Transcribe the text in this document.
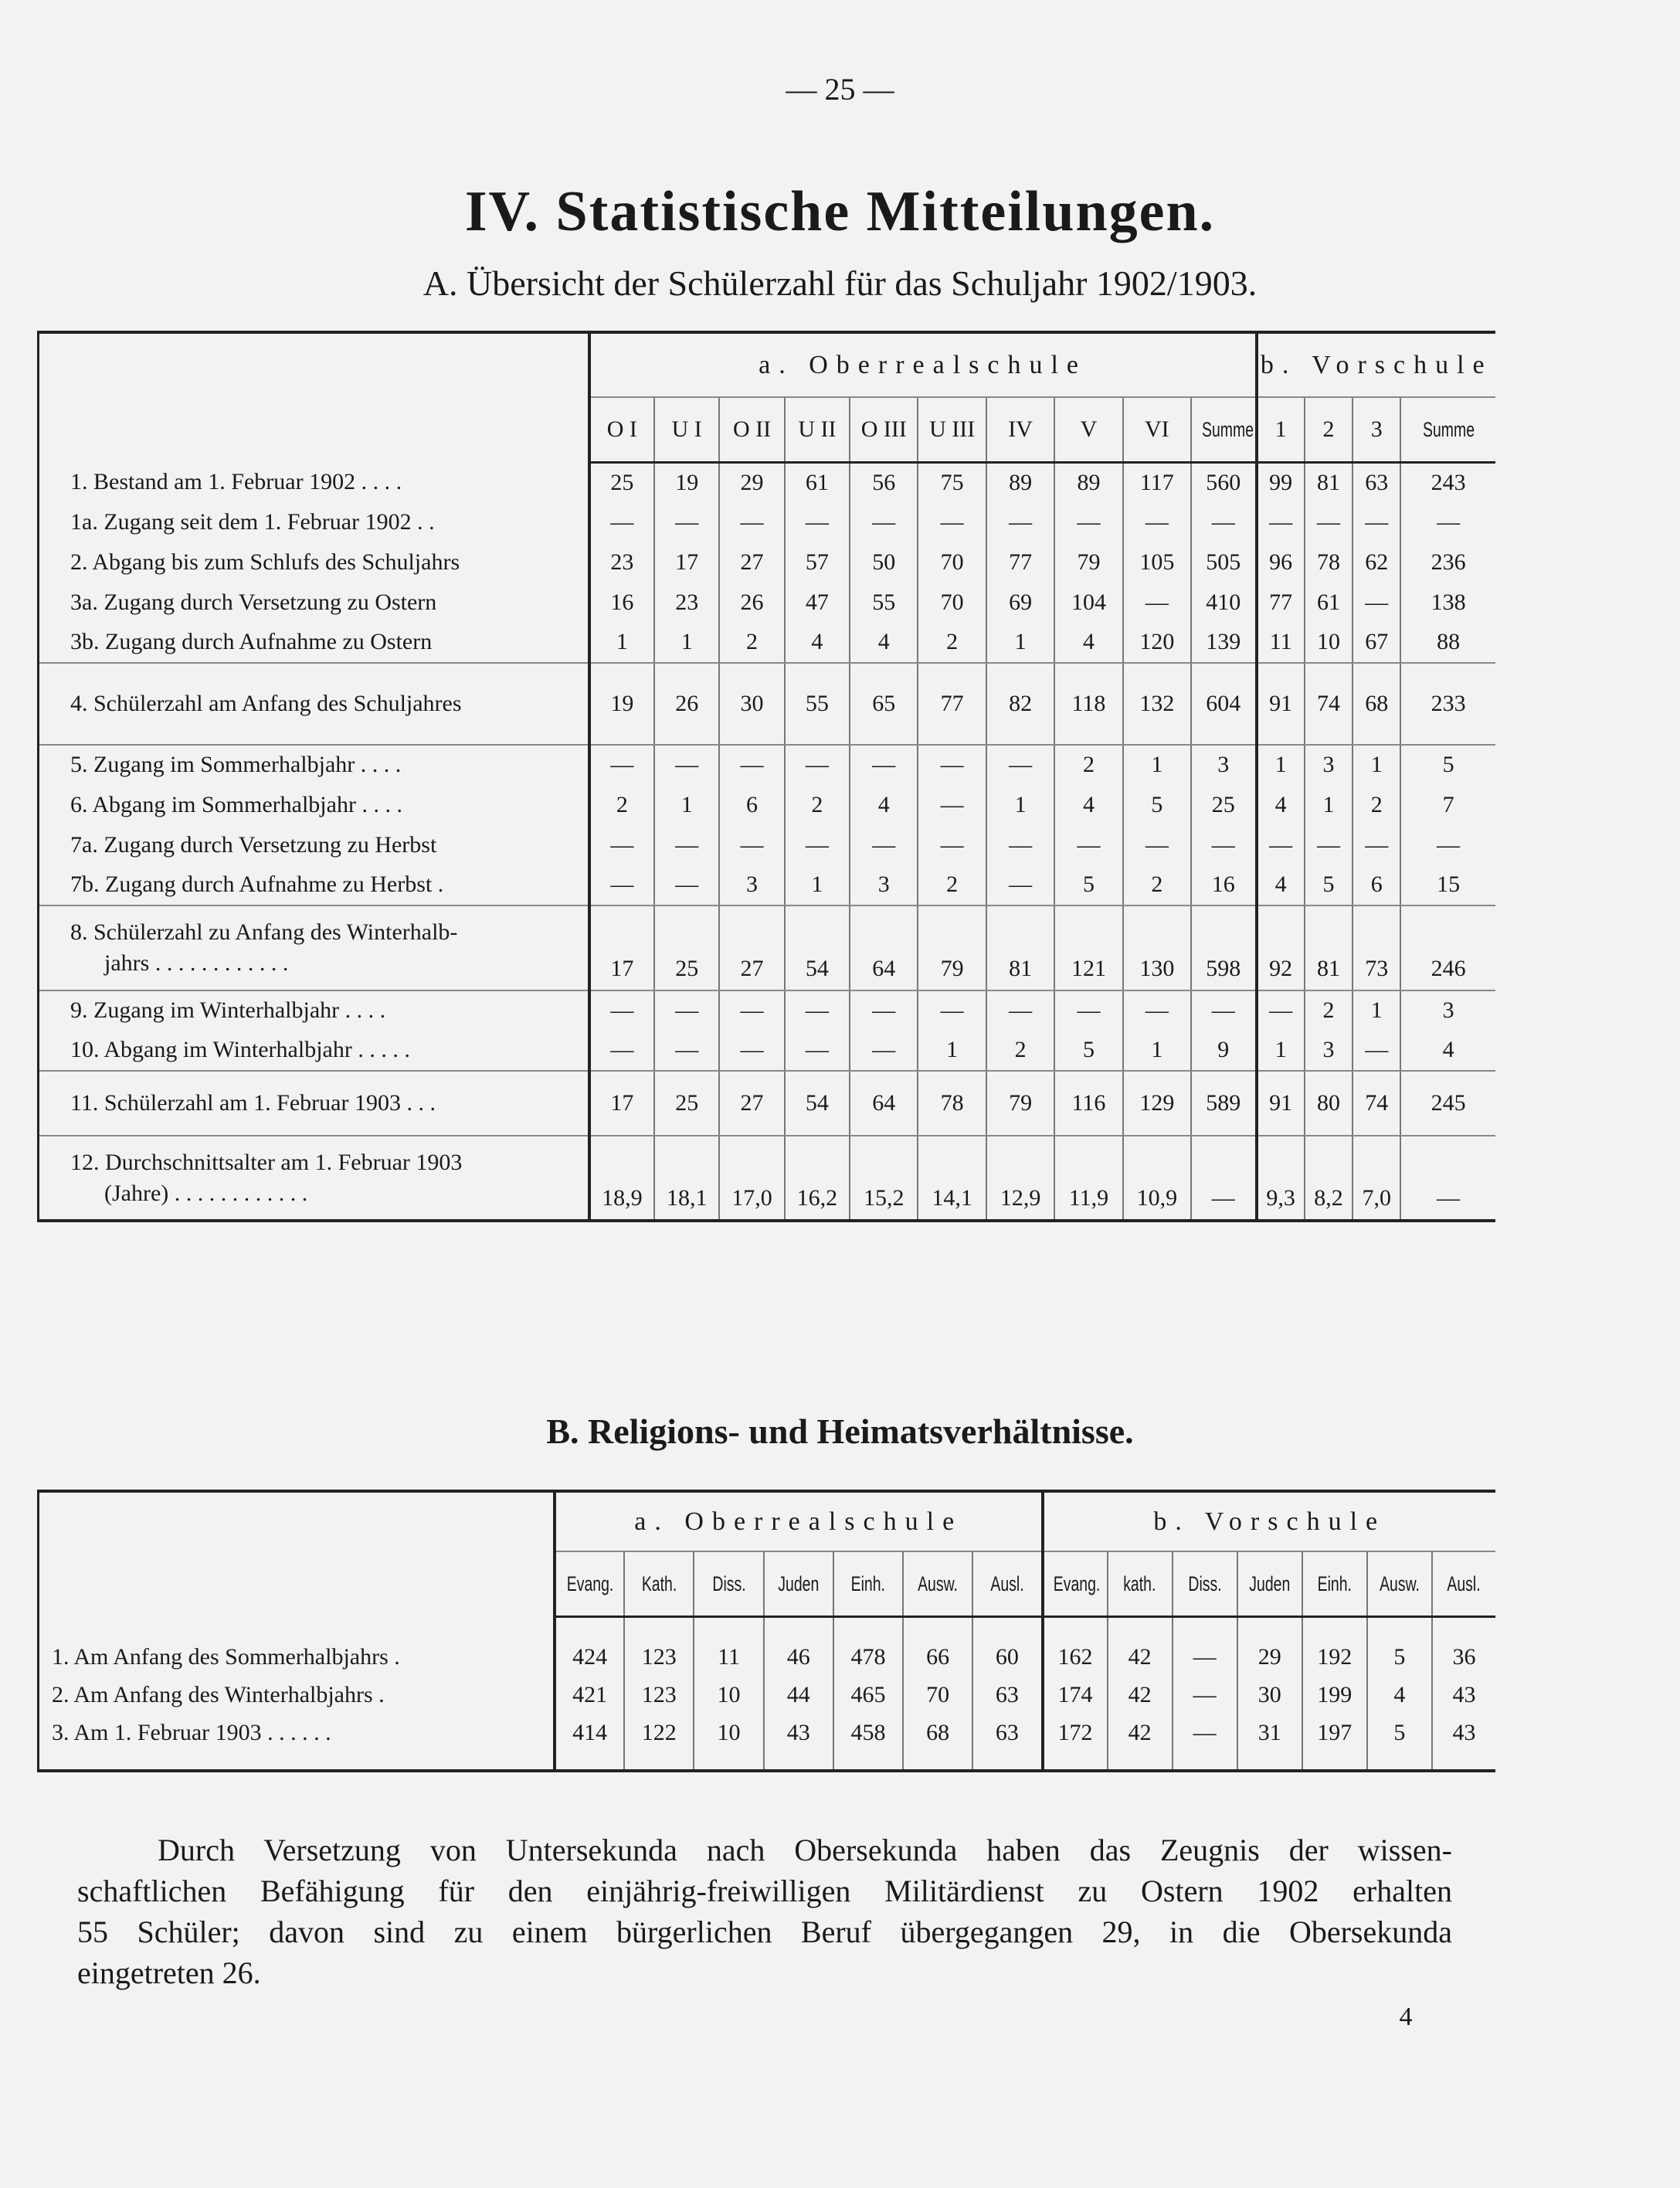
— 25 —
IV. Statistische Mitteilungen.
A. Übersicht der Schülerzahl für das Schuljahr 1902/1903.
	a. Oberrealschule										b. Vorschule			
	O I	U I	O II	U II	O III	U III	IV	V	VI	Summe	1	2	3	Summe
1. Bestand am 1. Februar 1902 . . . .	25	19	29	61	56	75	89	89	117	560	99	81	63	243
1a. Zugang seit dem 1. Februar 1902 . .	—	—	—	—	—	—	—	—	—	—	—	—	—	—
2. Abgang bis zum Schlufs des Schuljahrs	23	17	27	57	50	70	77	79	105	505	96	78	62	236
3a. Zugang durch Versetzung zu Ostern	16	23	26	47	55	70	69	104	—	410	77	61	—	138
3b. Zugang durch Aufnahme zu Ostern	1	1	2	4	4	2	1	4	120	139	11	10	67	88
4. Schülerzahl am Anfang des Schuljahres	19	26	30	55	65	77	82	118	132	604	91	74	68	233
5. Zugang im Sommerhalbjahr . . . .	—	—	—	—	—	—	—	2	1	3	1	3	1	5
6. Abgang im Sommerhalbjahr . . . .	2	1	6	2	4	—	1	4	5	25	4	1	2	7
7a. Zugang durch Versetzung zu Herbst	—	—	—	—	—	—	—	—	—	—	—	—	—	—
7b. Zugang durch Aufnahme zu Herbst .	—	—	3	1	3	2	—	5	2	16	4	5	6	15

8. Schülerzahl zu Anfang des Winterhalb-
jahrs . . . . . . . . . . . .	17	25	27	54	64	79	81	121	130	598	92	81	73	246
9. Zugang im Winterhalbjahr . . . .	—	—	—	—	—	—	—	—	—	—	—	2	1	3
10. Abgang im Winterhalbjahr . . . . .	—	—	—	—	—	1	2	5	1	9	1	3	—	4
11. Schülerzahl am 1. Februar 1903 . . .	17	25	27	54	64	78	79	116	129	589	91	80	74	245

12. Durchschnittsalter am 1. Februar 1903
(Jahre) . . . . . . . . . . . .	18,9	18,1	17,0	16,2	15,2	14,1	12,9	11,9	10,9	—	9,3	8,2	7,0	—
B. Religions- und Heimatsverhältnisse.
	a. Oberrealschule							b. Vorschule						
	Evang.	Kath.	Diss.	Juden	Einh.	Ausw.	Ausl.	Evang.	kath.	Diss.	Juden	Einh.	Ausw.	Ausl.
1. Am Anfang des Sommerhalbjahrs .	424	123	11	46	478	66	60	162	42	—	29	192	5	36
2. Am Anfang des Winterhalbjahrs .	421	123	10	44	465	70	63	174	42	—	30	199	4	43
3. Am 1. Februar 1903 . . . . . .	414	122	10	43	458	68	63	172	42	—	31	197	5	43
Durch Versetzung von Untersekunda nach Obersekunda haben das Zeugnis der wissen-
schaftlichen Befähigung für den einjährig-freiwilligen Militärdienst zu Ostern 1902 erhalten
55 Schüler; davon sind zu einem bürgerlichen Beruf übergegangen 29, in die Obersekunda
eingetreten 26.
4
